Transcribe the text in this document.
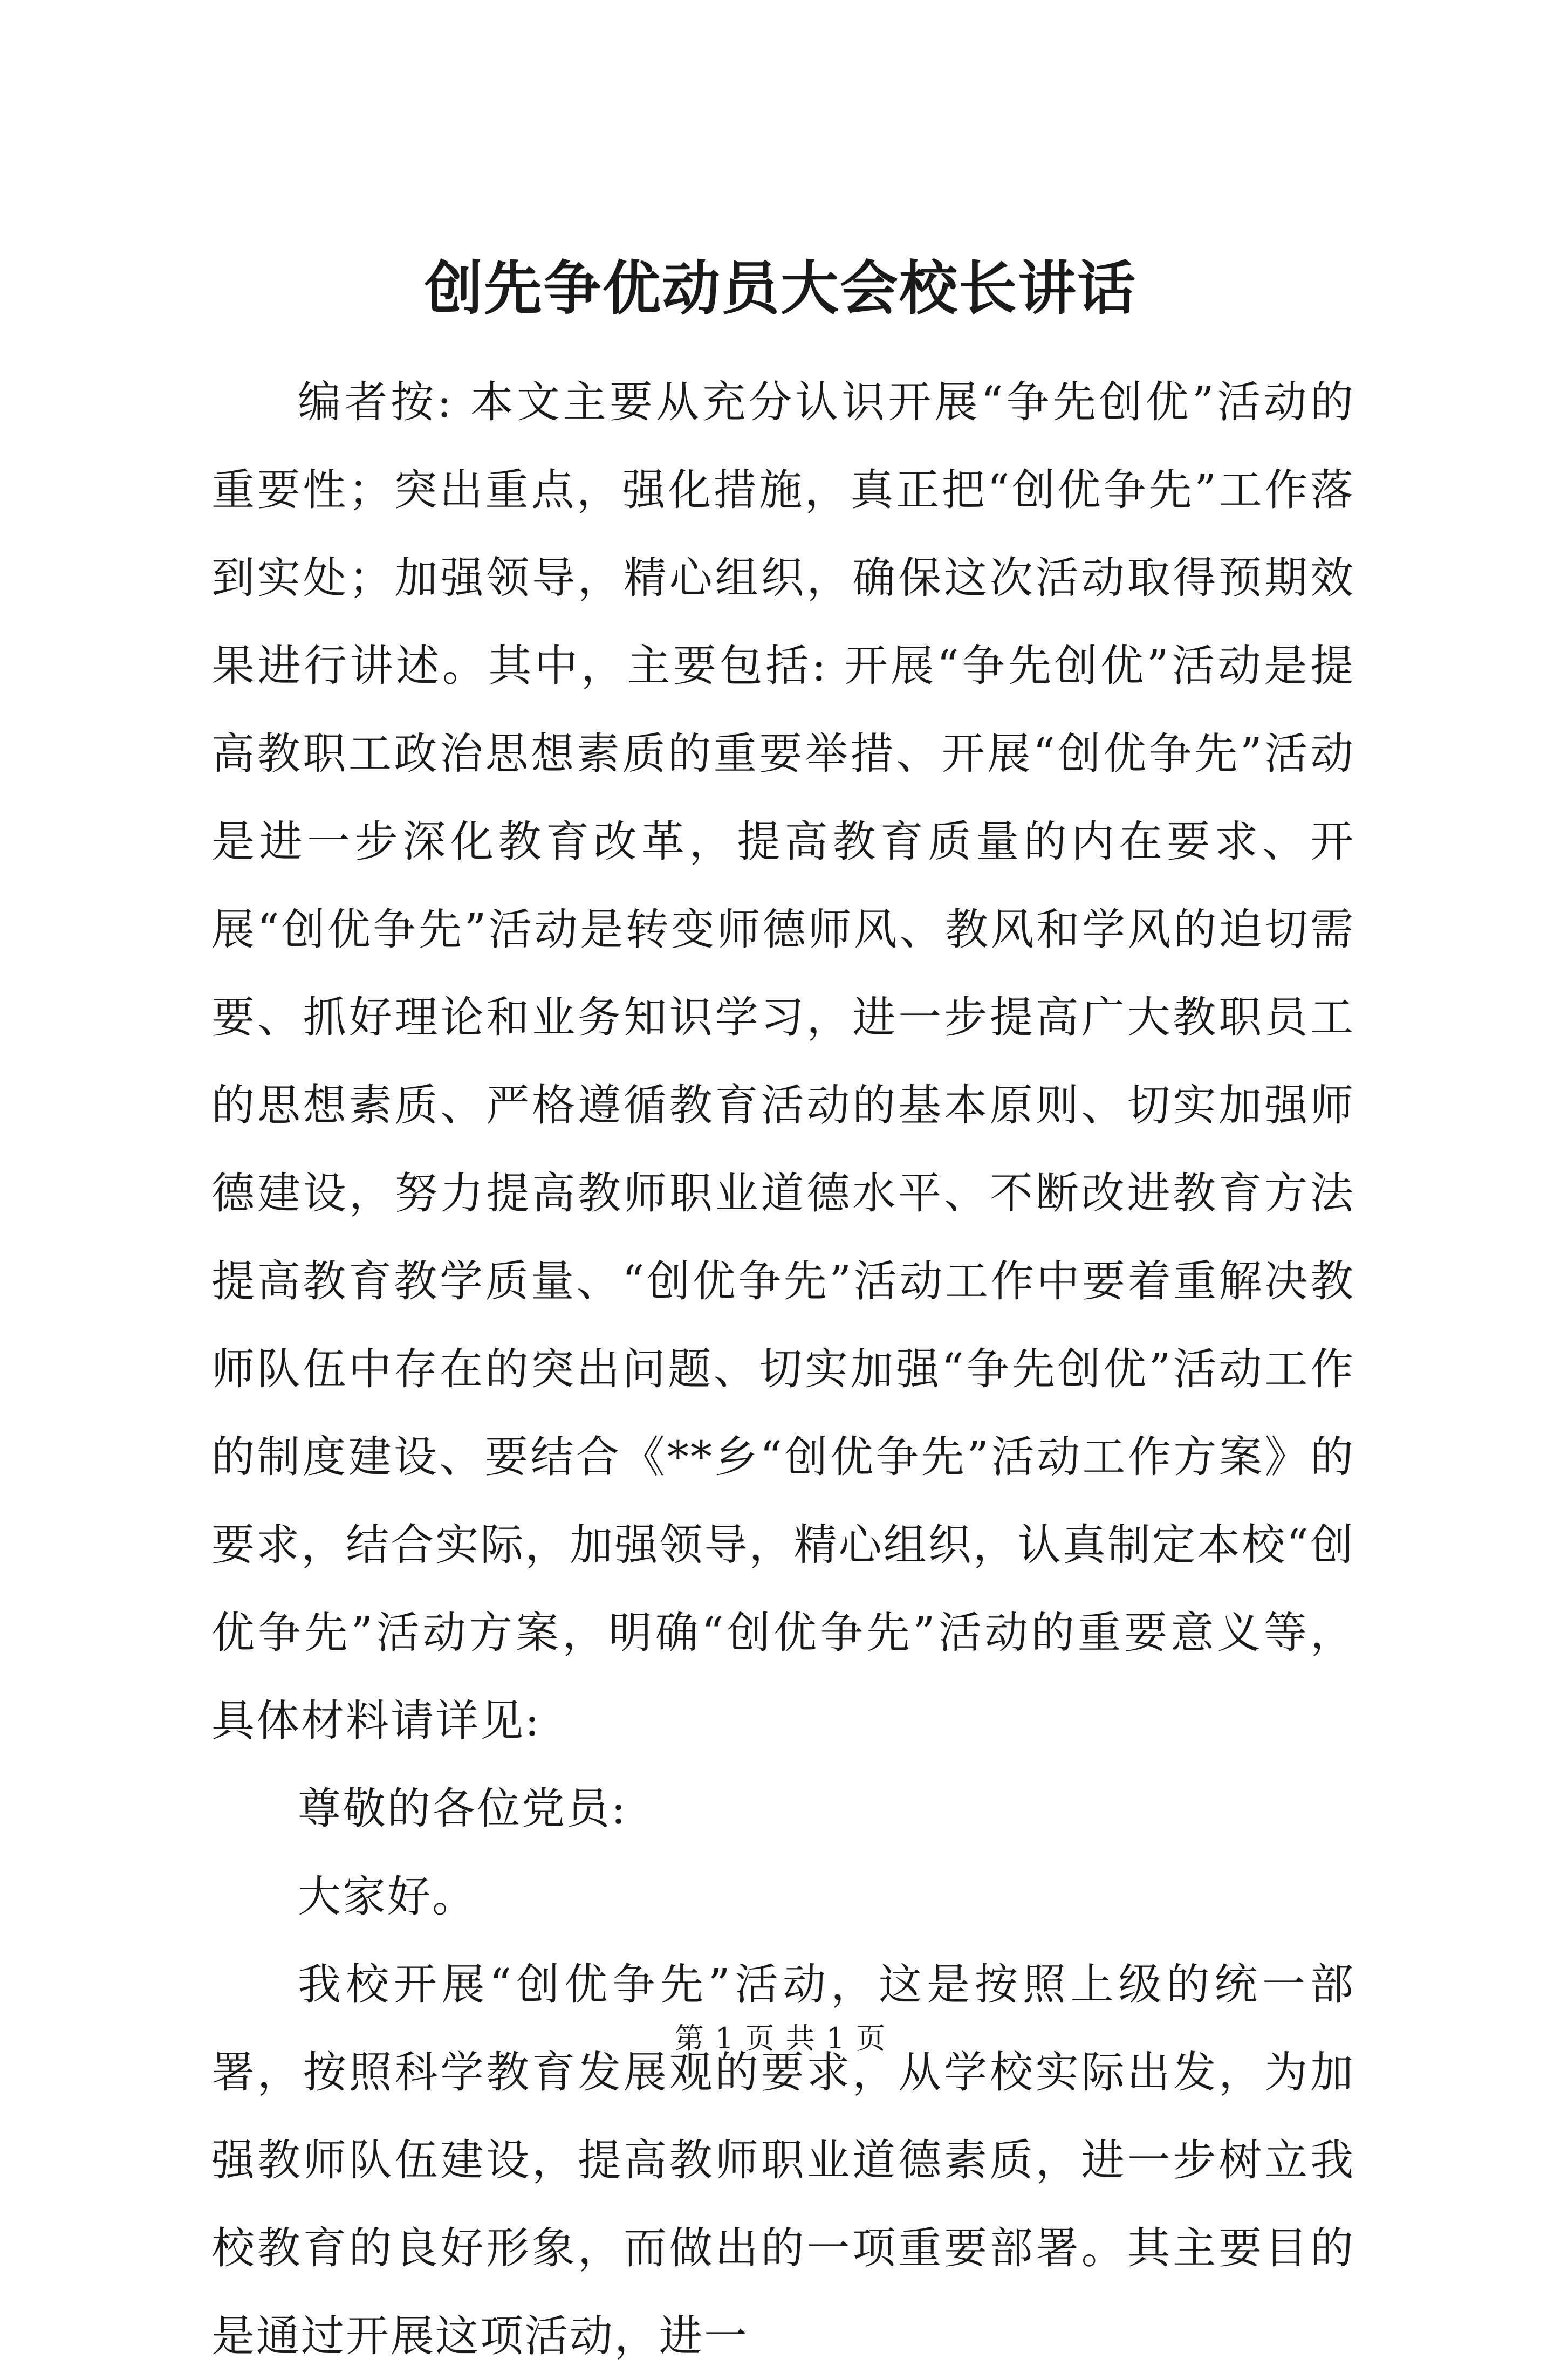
创先争优动员大会校长讲话

编者按: 本文主要从充分认识开展“争先创优”活动的重要性；突出重点，强化措施，真正把“创优争先”工作落到实处；加强领导，精心组织，确保这次活动取得预期效果进行讲述。其中，主要包括: 开展“争先创优”活动是提高教职工政治思想素质的重要举措、开展“创优争先”活动是进一步深化教育改革，提高教育质量的内在要求、开展“创优争先”活动是转变师德师风、教风和学风的迫切需要、抓好理论和业务知识学习，进一步提高广大教职员工的思想素质、严格遵循教育活动的基本原则、切实加强师德建设，努力提高教师职业道德水平、不断改进教育方法提高教育教学质量、“创优争先”活动工作中要着重解决教师队伍中存在的突出问题、切实加强“争先创优”活动工作的制度建设、要结合《**乡“创优争先”活动工作方案》的要求，结合实际，加强领导，精心组织，认真制定本校“创优争先”活动方案，明确“创优争先”活动的重要意义等，具体材料请详见:

尊敬的各位党员:

大家好。

我校开展“创优争先”活动，这是按照上级的统一部署，按照科学教育发展观的要求，从学校实际出发，为加强教师队伍建设，提高教师职业道德素质，进一步树立我校教育的良好形象，而做出的一项重要部署。其主要目的是通过开展这项活动，进一

第 1 页 共 1 页
